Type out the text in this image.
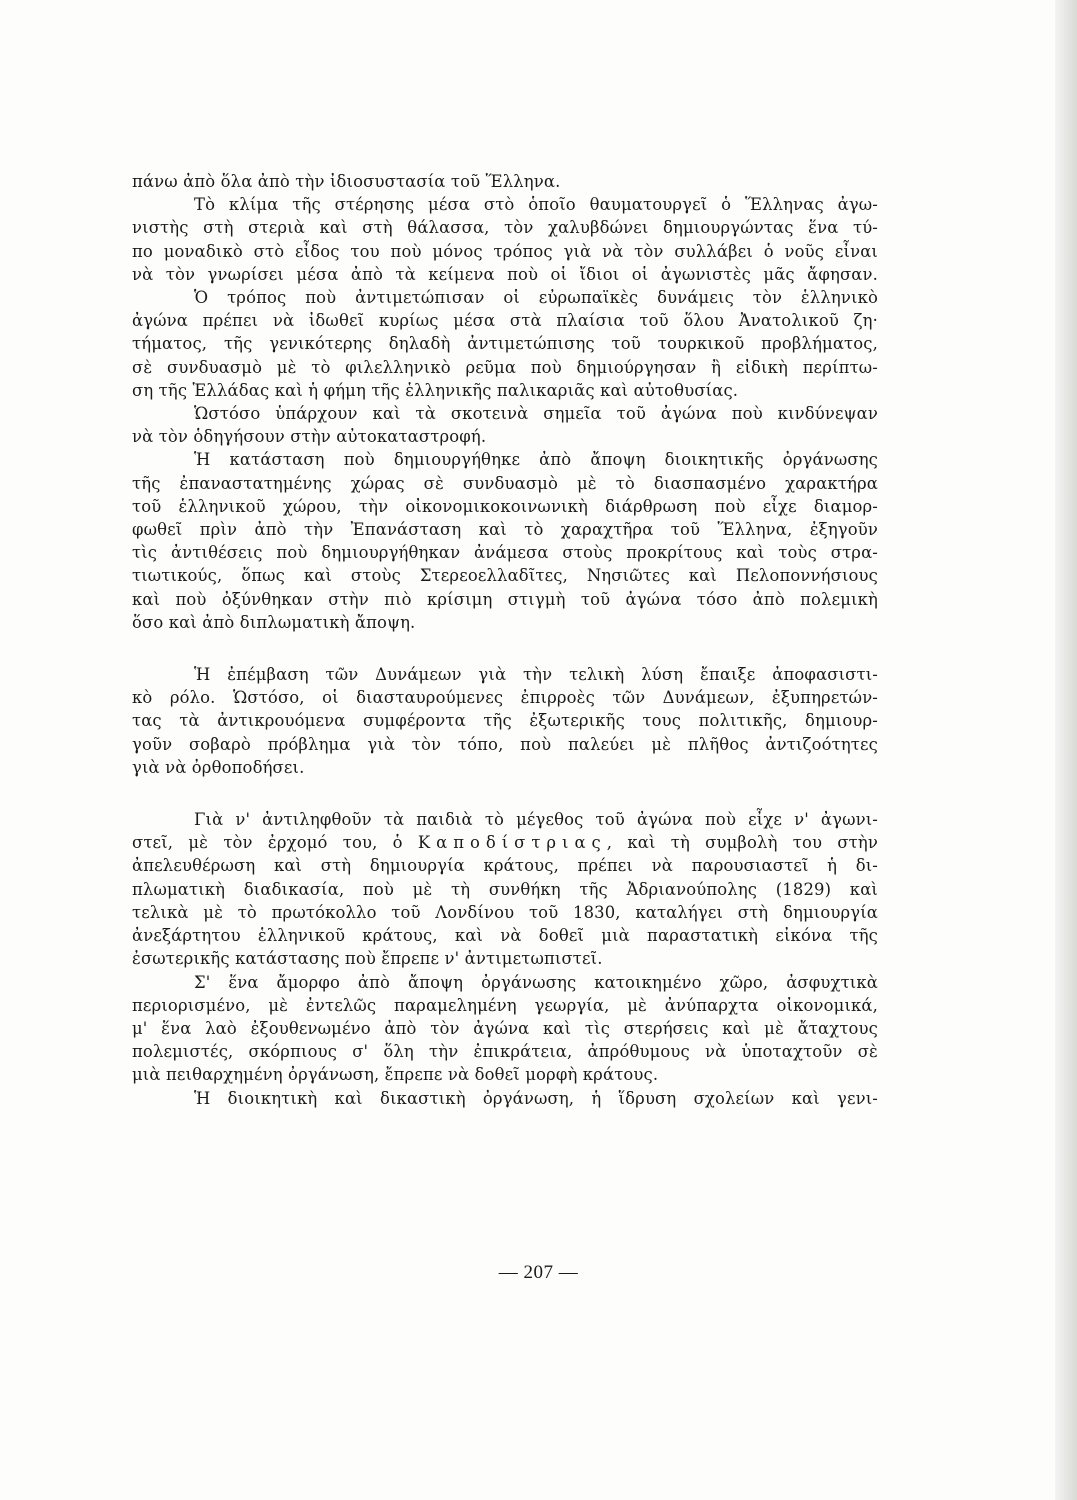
πάνω ἀπὸ ὅλα ἀπὸ τὴν ἰδιοσυστασία τοῦ Ἕλληνα.

Τὸ κλίμα τῆς στέρησης μέσα στὸ ὁποῖο θαυματουργεῖ ὁ Ἕλληνας ἀγω-

νιστὴς στὴ στεριὰ καὶ στὴ θάλασσα, τὸν χαλυβδώνει δημιουργώντας ἕνα τύ-

πο μοναδικὸ στὸ εἶδος του ποὺ μόνος τρόπος γιὰ νὰ τὸν συλλάβει ὁ νοῦς εἶναι

νὰ τὸν γνωρίσει μέσα ἀπὸ τὰ κείμενα ποὺ οἱ ἴδιοι οἱ ἀγωνιστὲς μᾶς ἄφησαν.

Ὁ τρόπος ποὺ ἀντιμετώπισαν οἱ εὐρωπαϊκὲς δυνάμεις τὸν ἑλληνικὸ

ἀγώνα πρέπει νὰ ἰδωθεῖ κυρίως μέσα στὰ πλαίσια τοῦ ὅλου Ἀνατολικοῦ ζη·

τήματος, τῆς γενικότερης δηλαδὴ ἀντιμετώπισης τοῦ τουρκικοῦ προβλήματος,

σὲ συνδυασμὸ μὲ τὸ φιλελληνικὸ ρεῦμα ποὺ δημιούργησαν ἢ εἰδικὴ περίπτω-

ση τῆς Ἑλλάδας καὶ ἡ φήμη τῆς ἑλληνικῆς παλικαριᾶς καὶ αὐτοθυσίας.

Ὡστόσο ὑπάρχουν καὶ τὰ σκοτεινὰ σημεῖα τοῦ ἀγώνα ποὺ κινδύνεψαν

νὰ τὸν ὁδηγήσουν στὴν αὐτοκαταστροφή.

Ἡ κατάσταση ποὺ δημιουργήθηκε ἀπὸ ἄποψη διοικητικῆς ὀργάνωσης

τῆς ἐπαναστατημένης χώρας σὲ συνδυασμὸ μὲ τὸ διασπασμένο χαρακτήρα

τοῦ ἑλληνικοῦ χώρου, τὴν οἰκονομικοκοινωνικὴ διάρθρωση ποὺ εἶχε διαμορ-

φωθεῖ πρὶν ἀπὸ τὴν Ἐπανάσταση καὶ τὸ χαραχτῆρα τοῦ Ἕλληνα, ἐξηγοῦν

τὶς ἀντιθέσεις ποὺ δημιουργήθηκαν ἀνάμεσα στοὺς προκρίτους καὶ τοὺς στρα-

τιωτικούς, ὅπως καὶ στοὺς Στερεοελλαδῖτες, Νησιῶτες καὶ Πελοποννήσιους

καὶ ποὺ ὀξύνθηκαν στὴν πιὸ κρίσιμη στιγμὴ τοῦ ἀγώνα τόσο ἀπὸ πολεμικὴ

ὅσο καὶ ἀπὸ διπλωματικὴ ἄποψη.

Ἡ ἐπέμβαση τῶν Δυνάμεων γιὰ τὴν τελικὴ λύση ἔπαιξε ἀποφασιστι-

κὸ ρόλο. Ὡστόσο, οἱ διασταυρούμενες ἐπιρροὲς τῶν Δυνάμεων, ἐξυπηρετών-

τας τὰ ἀντικρουόμενα συμφέροντα τῆς ἐξωτερικῆς τους πολιτικῆς, δημιουρ-

γοῦν σοβαρὸ πρόβλημα γιὰ τὸν τόπο, ποὺ παλεύει μὲ πλῆθος ἀντιζοότητες

γιὰ νὰ ὀρθοποδήσει.

Γιὰ ν' ἀντιληφθοῦν τὰ παιδιὰ τὸ μέγεθος τοῦ ἀγώνα ποὺ εἶχε ν' ἀγωνι-

στεῖ, μὲ τὸν ἐρχομό του, ὁ Καποδίστριας, καὶ τὴ συμβολὴ του στὴν

ἀπελευθέρωση καὶ στὴ δημιουργία κράτους, πρέπει νὰ παρουσιαστεῖ ἡ δι-

πλωματικὴ διαδικασία, ποὺ μὲ τὴ συνθήκη τῆς Ἀδριανούπολης (1829) καὶ

τελικὰ μὲ τὸ πρωτόκολλο τοῦ Λονδίνου τοῦ 1830, καταλήγει στὴ δημιουργία

ἀνεξάρτητου ἑλληνικοῦ κράτους, καὶ νὰ δοθεῖ μιὰ παραστατικὴ εἰκόνα τῆς

ἐσωτερικῆς κατάστασης ποὺ ἔπρεπε ν' ἀντιμετωπιστεῖ.

Σ' ἕνα ἄμορφο ἀπὸ ἄποψη ὀργάνωσης κατοικημένο χῶρο, ἀσφυχτικὰ

περιορισμένο, μὲ ἐντελῶς παραμελημένη γεωργία, μὲ ἀνύπαρχτα οἰκονομικά,

μ' ἕνα λαὸ ἐξουθενωμένο ἀπὸ τὸν ἀγώνα καὶ τὶς στερήσεις καὶ μὲ ἄταχτους

πολεμιστές, σκόρπιους σ' ὅλη τὴν ἐπικράτεια, ἀπρόθυμους νὰ ὑποταχτοῦν σὲ

μιὰ πειθαρχημένη ὀργάνωση, ἔπρεπε νὰ δοθεῖ μορφὴ κράτους.

Ἡ διοικητικὴ καὶ δικαστικὴ ὀργάνωση, ἡ ἵδρυση σχολείων καὶ γενι-

— 207 —
